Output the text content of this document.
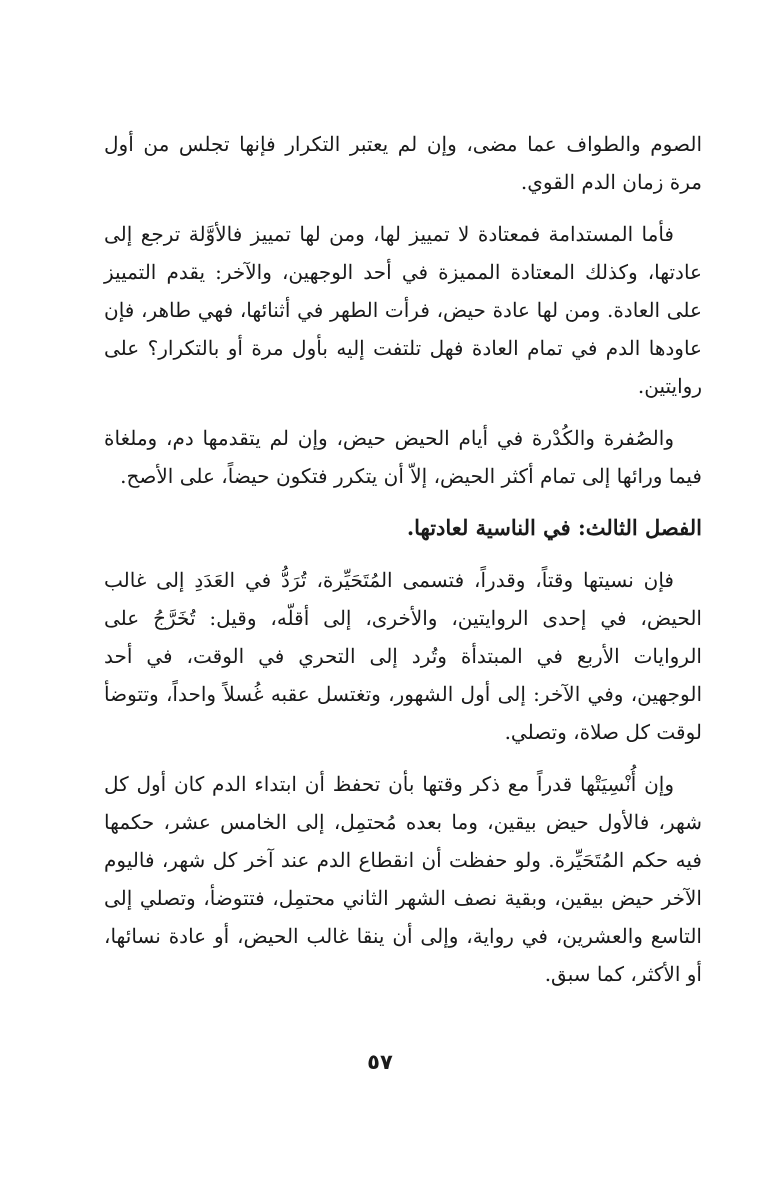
الصوم والطواف عما مضى، وإن لم يعتبر التكرار فإنها تجلس من أول مرة زمان الدم القوي.

فأما المستدامة فمعتادة لا تمييز لها، ومن لها تمييز فالأوَّلة ترجع إلى عادتها، وكذلك المعتادة المميزة في أحد الوجهين، والآخر: يقدم التمييز على العادة. ومن لها عادة حيض، فرأت الطهر في أثنائها، فهي طاهر، فإن عاودها الدم في تمام العادة فهل تلتفت إليه بأول مرة أو بالتكرار؟ على روايتين.

والصُفرة والكُدْرة في أيام الحيض حيض، وإن لم يتقدمها دم، وملغاة فيما ورائها إلى تمام أكثر الحيض، إلاّ أن يتكرر فتكون حيضاً، على الأصح.

الفصل الثالث: في الناسية لعادتها.

فإن نسيتها وقتاً، وقدراً، فتسمى المُتَحَيِّرة، تُرَدُّ في العَدَدِ إلى غالب الحيض، في إحدى الروايتين، والأخرى، إلى أقلّه، وقيل: تُخَرَّجُ على الروايات الأربع في المبتدأة وتُرد إلى التحري في الوقت، في أحد الوجهين، وفي الآخر: إلى أول الشهور، وتغتسل عقبه غُسلاً واحداً، وتتوضأ لوقت كل صلاة، وتصلي.

وإن أُنْسِيَتْها قدراً مع ذكر وقتها بأن تحفظ أن ابتداء الدم كان أول كل شهر، فالأول حيض بيقين، وما بعده مُحتمِل، إلى الخامس عشر، حكمها فيه حكم المُتَحَيِّرة. ولو حفظت أن انقطاع الدم عند آخر كل شهر، فاليوم الآخر حيض بيقين، وبقية نصف الشهر الثاني محتمِل، فتتوضأ، وتصلي إلى التاسع والعشرين، في رواية، وإلى أن ينقا غالب الحيض، أو عادة نسائها، أو الأكثر، كما سبق.

٥٧
